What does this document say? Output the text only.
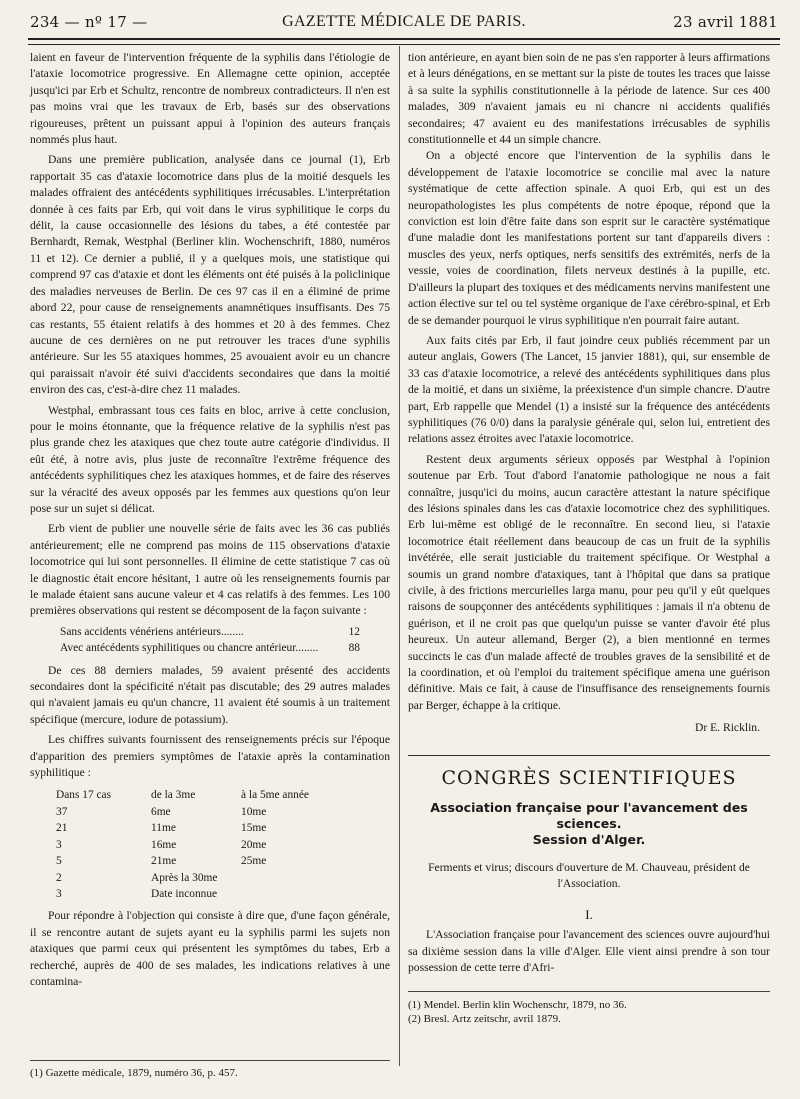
234 — nº 17 —	GAZETTE MÉDICALE DE PARIS.	23 avril 1881

laient en faveur de l'intervention fréquente de la syphilis dans l'étiologie de l'ataxie locomotrice progressive. En Allemagne cette opinion, acceptée jusqu'ici par Erb et Schultz, rencontre de nombreux contradicteurs. Il n'en est pas moins vrai que les travaux de Erb, basés sur des observations rigoureuses, prêtent un puissant appui à l'opinion des auteurs français nommés plus haut.

Dans une première publication, analysée dans ce journal (1), Erb rapportait 35 cas d'ataxie locomotrice dans plus de la moitié desquels les malades offraient des antécédents syphilitiques irrécusables. L'interprétation donnée à ces faits par Erb, qui voit dans le virus syphilitique le corps du délit, la cause occasionnelle des lésions du tabes, a été contestée par Bernhardt, Remak, Westphal (Berliner klin. Wochenschrift, 1880, numéros 11 et 12). Ce dernier a publié, il y a quelques mois, une statistique qui comprend 97 cas d'ataxie et dont les éléments ont été puisés à la policlinique des maladies nerveuses de Berlin. De ces 97 cas il en a éliminé de prime abord 22, pour cause de renseignements anamnétiques insuffisants. Des 75 cas restants, 55 étaient relatifs à des hommes et 20 à des femmes. Chez aucune de ces dernières on ne put retrouver les traces d'une syphilis antérieure. Sur les 55 ataxiques hommes, 25 avouaient avoir eu un chancre qui paraissait n'avoir été suivi d'accidents secondaires que dans la moitié environ des cas, c'est-à-dire chez 11 malades.

Westphal, embrassant tous ces faits en bloc, arrive à cette conclusion, pour le moins étonnante, que la fréquence relative de la syphilis n'est pas plus grande chez les ataxiques que chez toute autre catégorie d'individus. Il eût été, à notre avis, plus juste de reconnaître l'extrême fréquence des antécédents syphilitiques chez les ataxiques hommes, et de faire des réserves sur la véracité des aveux opposés par les femmes aux questions qu'on leur pose sur un sujet si délicat.

Erb vient de publier une nouvelle série de faits avec les 36 cas publiés antérieurement; elle ne comprend pas moins de 115 observations d'ataxie locomotrice qui lui sont personnelles. Il élimine de cette statistique 7 cas où le diagnostic était encore hésitant, 1 autre où les renseignements fournis par le malade étaient sans aucune valeur et 4 cas relatifs à des femmes. Les 100 premières observations qui restent se décomposent de la façon suivante :

Sans accidents vénériens antérieurs........	12
Avec antécédents syphilitiques ou chancre antérieur........	88

De ces 88 derniers malades, 59 avaient présenté des accidents secondaires dont la spécificité n'était pas discutable; des 29 autres malades qui n'avaient jamais eu qu'un chancre, 11 avaient été soumis à un traitement spécifique (mercure, iodure de potassium).

Les chiffres suivants fournissent des renseignements précis sur l'époque d'apparition des premiers symptômes de l'ataxie après la contamination syphilitique :

Dans 17 cas	de la 3me	à la 5me année
37	6me	10me
21	11me	15me
3	16me	20me
5	21me	25me
2	Après la 30me
3	Date inconnue

Pour répondre à l'objection qui consiste à dire que, d'une façon générale, il se rencontre autant de sujets ayant eu la syphilis parmi les sujets non ataxiques que parmi ceux qui présentent les symptômes du tabes, Erb a recherché, auprès de 400 de ses malades, les indications relatives à une contamina-

(1) Gazette médicale, 1879, numéro 36, p. 457.

tion antérieure, en ayant bien soin de ne pas s'en rapporter à leurs affirmations et à leurs dénégations, en se mettant sur la piste de toutes les traces que laisse à sa suite la syphilis constitutionnelle à la période de latence. Sur ces 400 malades, 309 n'avaient jamais eu ni chancre ni accidents qualifiés secondaires; 47 avaient eu des manifestations irrécusables de syphilis constitutionnelle et 44 un simple chancre.

On a objecté encore que l'intervention de la syphilis dans le développement de l'ataxie locomotrice se concilie mal avec la nature systématique de cette affection spinale. A quoi Erb, qui est un des neuropathologistes les plus compétents de notre époque, répond que la conviction est loin d'être faite dans son esprit sur le caractère systématique d'une maladie dont les manifestations portent sur tant d'appareils divers : muscles des yeux, nerfs optiques, nerfs sensitifs des extrémités, nerfs de la vessie, voies de coordination, filets nerveux destinés à la pupille, etc. D'ailleurs la plupart des toxiques et des médicaments nervins manifestent une action élective sur tel ou tel système organique de l'axe cérébro-spinal, et Erb de se demander pourquoi le virus syphilitique n'en pourrait faire autant.

Aux faits cités par Erb, il faut joindre ceux publiés récemment par un auteur anglais, Gowers (The Lancet, 15 janvier 1881), qui, sur ensemble de 33 cas d'ataxie locomotrice, a relevé des antécédents syphilitiques dans plus de la moitié, et dans un sixième, la préexistence d'un simple chancre. D'autre part, Erb rappelle que Mendel (1) a insisté sur la fréquence des antécédents syphilitiques (76 0/0) dans la paralysie générale qui, selon lui, entretient des relations assez étroites avec l'ataxie locomotrice.

Restent deux arguments sérieux opposés par Westphal à l'opinion soutenue par Erb. Tout d'abord l'anatomie pathologique ne nous a fait connaître, jusqu'ici du moins, aucun caractère attestant la nature spécifique des lésions spinales dans les cas d'ataxie locomotrice chez des syphilitiques. Erb lui-même est obligé de le reconnaître. En second lieu, si l'ataxie locomotrice était réellement dans beaucoup de cas un fruit de la syphilis invétérée, elle serait justiciable du traitement spécifique. Or Westphal a soumis un grand nombre d'ataxiques, tant à l'hôpital que dans sa pratique civile, à des frictions mercurielles larga manu, pour peu qu'il y eût quelques raisons de soupçonner des antécédents syphilitiques : jamais il n'a obtenu de guérison, et il ne croit pas que quelqu'un puisse se vanter d'avoir été plus heureux. Un auteur allemand, Berger (2), a bien mentionné en termes succincts le cas d'un malade affecté de troubles graves de la sensibilité et de la coordination, et où l'emploi du traitement spécifique amena une guérison définitive. Mais ce fait, à cause de l'insuffisance des renseignements fournis par Berger, échappe à la critique.

Dr E. Ricklin.
CONGRÈS SCIENTIFIQUES
Association française pour l'avancement des sciences.
Session d'Alger.
Ferments et virus; discours d'ouverture de M. Chauveau, président de l'Association.
I.

L'Association française pour l'avancement des sciences ouvre aujourd'hui sa dixième session dans la ville d'Alger. Elle vient ainsi prendre à son tour possession de cette terre d'Afri-

(1) Mendel. Berlin klin Wochenschr, 1879, no 36.
(2) Bresl. Artz zeitschr, avril 1879.
